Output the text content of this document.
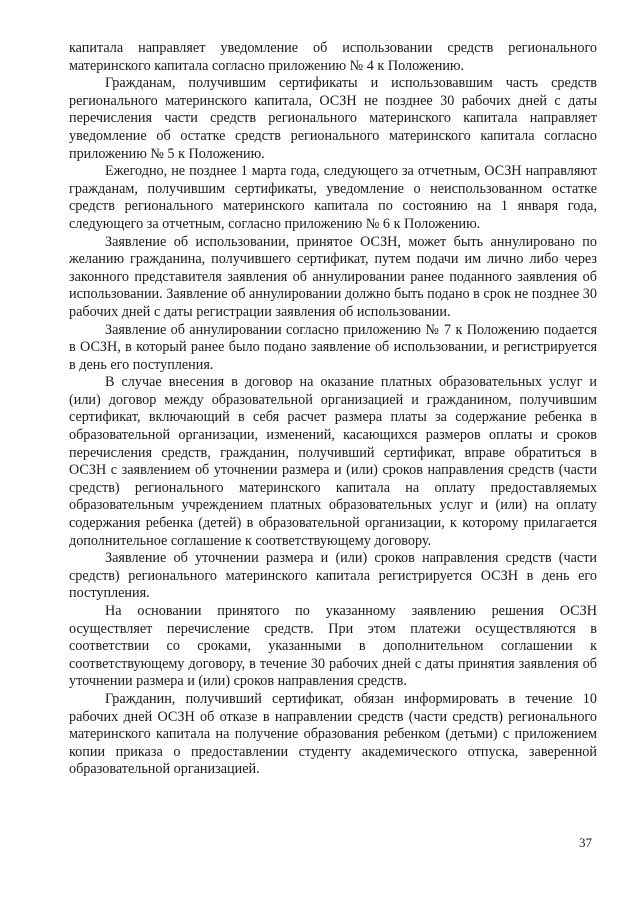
капитала направляет уведомление об использовании средств регионального материнского капитала согласно приложению № 4 к Положению.

Гражданам, получившим сертификаты и использовавшим часть средств регионального материнского капитала, ОСЗН не позднее 30 рабочих дней с даты перечисления части средств регионального материнского капитала направляет уведомление об остатке средств регионального материнского капитала согласно приложению № 5 к Положению.

Ежегодно, не позднее 1 марта года, следующего за отчетным, ОСЗН направляют гражданам, получившим сертификаты, уведомление о неиспользованном остатке средств регионального материнского капитала по состоянию на 1 января года, следующего за отчетным, согласно приложению № 6 к Положению.

Заявление об использовании, принятое ОСЗН, может быть аннулировано по желанию гражданина, получившего сертификат, путем подачи им лично либо через законного представителя заявления об аннулировании ранее поданного заявления об использовании. Заявление об аннулировании должно быть подано в срок не позднее 30 рабочих дней с даты регистрации заявления об использовании.

Заявление об аннулировании согласно приложению № 7 к Положению подается в ОСЗН, в который ранее было подано заявление об использовании, и регистрируется в день его поступления.

В случае внесения в договор на оказание платных образовательных услуг и (или) договор между образовательной организацией и гражданином, получившим сертификат, включающий в себя расчет размера платы за содержание ребенка в образовательной организации, изменений, касающихся размеров оплаты и сроков перечисления средств, гражданин, получивший сертификат, вправе обратиться в ОСЗН с заявлением об уточнении размера и (или) сроков направления средств (части средств) регионального материнского капитала на оплату предоставляемых образовательным учреждением платных образовательных услуг и (или) на оплату содержания ребенка (детей) в образовательной организации, к которому прилагается дополнительное соглашение к соответствующему договору.

Заявление об уточнении размера и (или) сроков направления средств (части средств) регионального материнского капитала регистрируется ОСЗН в день его поступления.

На основании принятого по указанному заявлению решения ОСЗН осуществляет перечисление средств. При этом платежи осуществляются в соответствии со сроками, указанными в дополнительном соглашении к соответствующему договору, в течение 30 рабочих дней с даты принятия заявления об уточнении размера и (или) сроков направления средств.

Гражданин, получивший сертификат, обязан информировать в течение 10 рабочих дней ОСЗН об отказе в направлении средств (части средств) регионального материнского капитала на получение образования ребенком (детьми) с приложением копии приказа о предоставлении студенту академического отпуска, заверенной образовательной организацией.

37
